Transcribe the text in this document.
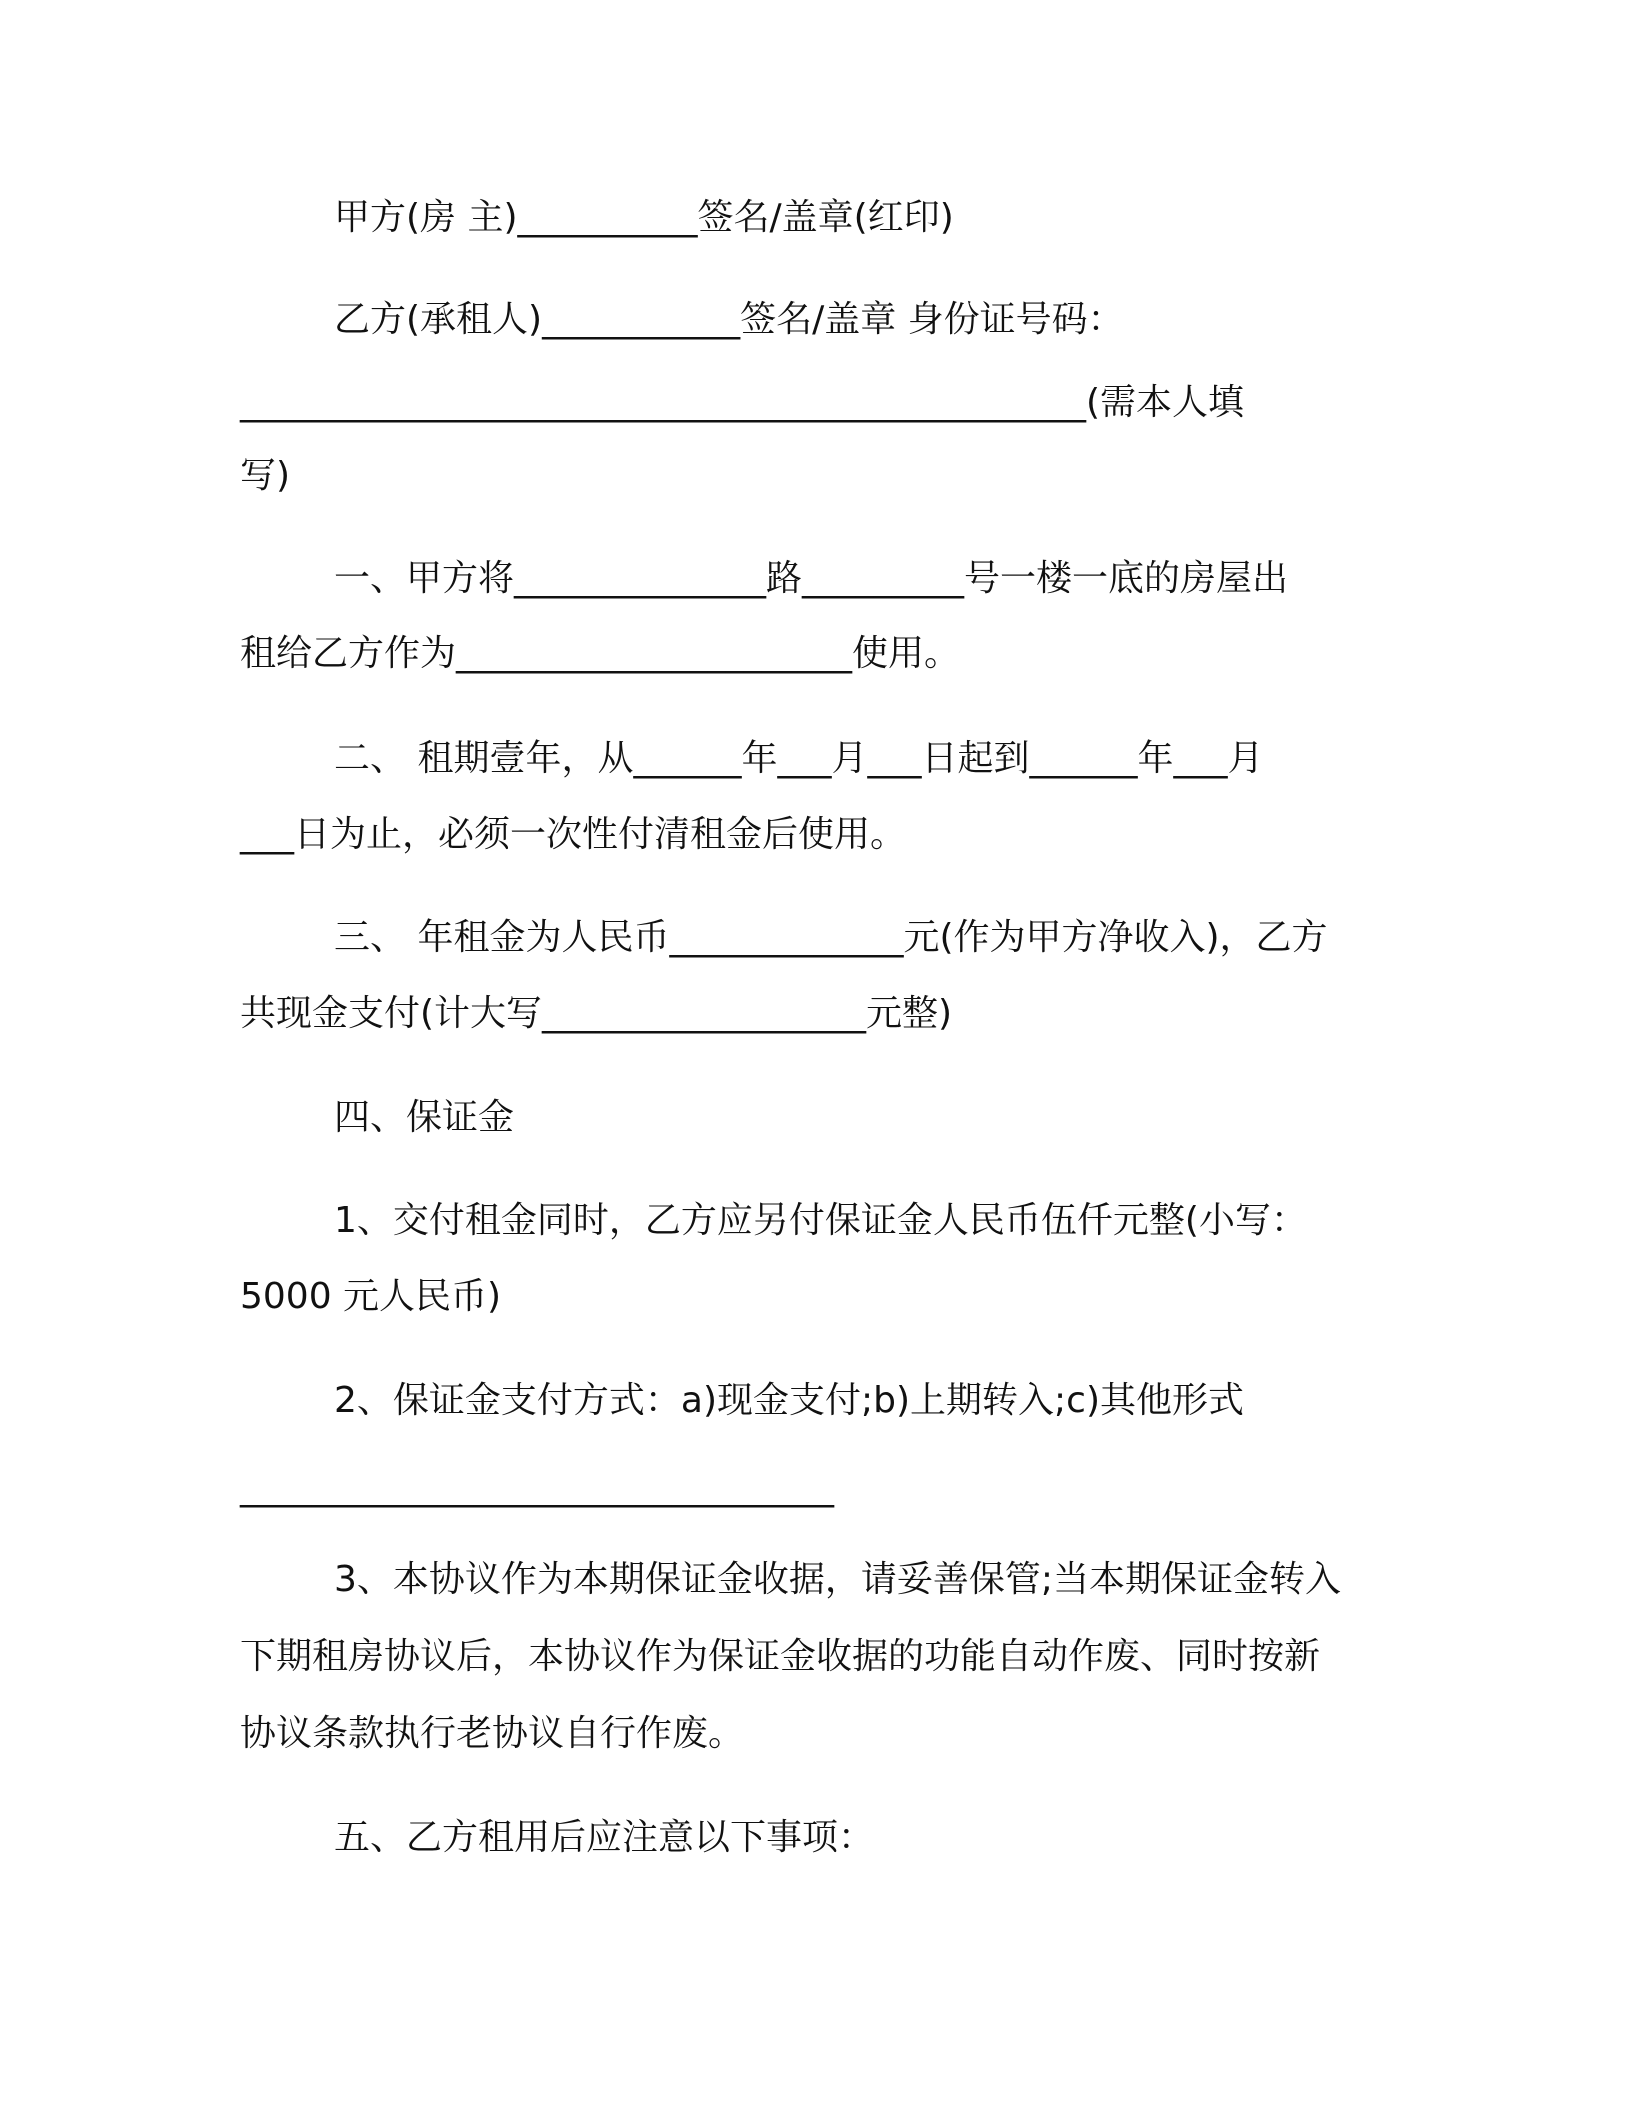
甲方(房 主)__________签名/盖章(红印)

乙方(承租人)___________签名/盖章 身份证号码：

_______________________________________________(需本人填

写)

一、甲方将______________路_________号一楼一底的房屋出

租给乙方作为______________________使用。

二、 租期壹年，从______年___月___日起到______年___月

___日为止，必须一次性付清租金后使用。

三、 年租金为人民币_____________元(作为甲方净收入)，乙方

共现金支付(计大写__________________元整)

四、保证金

1、交付租金同时，乙方应另付保证金人民币伍仟元整(小写：

5000 元人民币)

2、保证金支付方式：a)现金支付;b)上期转入;c)其他形式

_________________________________

3、本协议作为本期保证金收据，请妥善保管;当本期保证金转入

下期租房协议后，本协议作为保证金收据的功能自动作废、同时按新

协议条款执行老协议自行作废。

五、乙方租用后应注意以下事项：
